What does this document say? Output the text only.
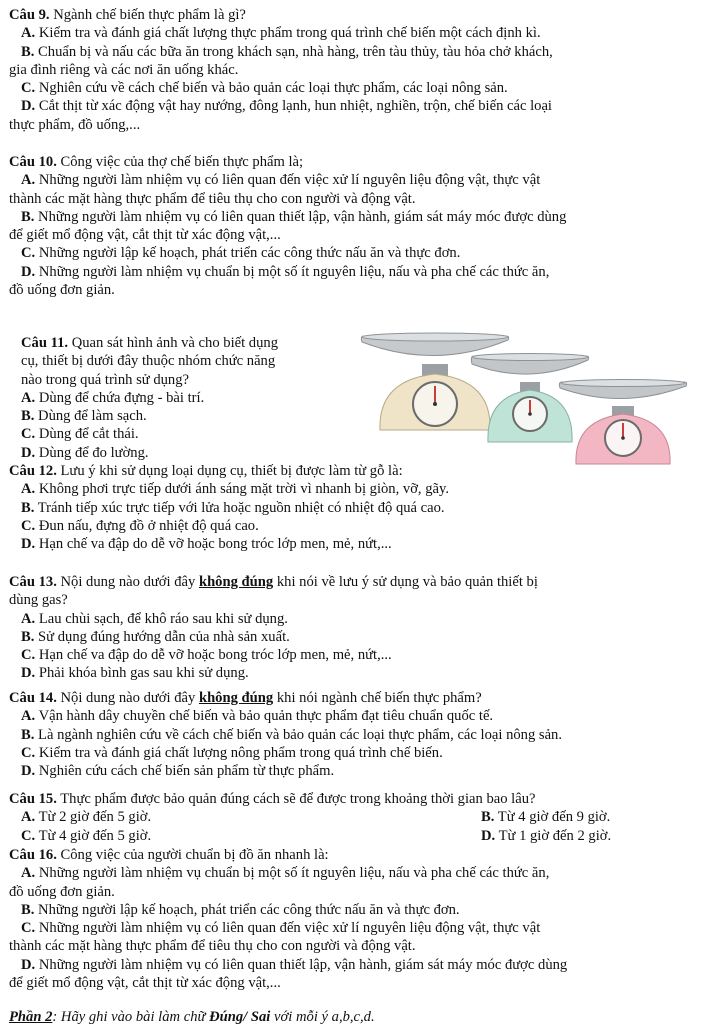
Câu 9. Ngành chế biến thực phẩm là gì?

A. Kiểm tra và đánh giá chất lượng thực phẩm trong quá trình chế biến một cách định kì.

B. Chuẩn bị và nấu các bữa ăn trong khách sạn, nhà hàng, trên tàu thủy, tàu hỏa chở khách,

gia đình riêng và các nơi ăn uống khác.

C. Nghiên cứu về cách chế biến và bảo quản các loại thực phẩm, các loại nông sản.

D. Cắt thịt từ xác động vật hay nướng, đông lạnh, hun nhiệt, nghiền, trộn, chế biến các loại

thực phẩm, đồ uống,...

Câu 10. Công việc của thợ chế biến thực phẩm là;

A. Những người làm nhiệm vụ có liên quan đến việc xử lí nguyên liệu động vật, thực vật

thành các mặt hàng thực phẩm để tiêu thụ cho con người và động vật.

B. Những người làm nhiệm vụ có liên quan thiết lập, vận hành, giám sát máy móc được dùng

để giết mổ động vật, cắt thịt từ xác động vật,...

C. Những người lập kế hoạch, phát triển các công thức nấu ăn và thực đơn.

D. Những người làm nhiệm vụ chuẩn bị một số ít nguyên liệu, nấu và pha chế các thức ăn,

đồ uống đơn giản.

Câu 11. Quan sát hình ảnh và cho biết dụng

cụ, thiết bị dưới đây thuộc nhóm chức năng

nào trong quá trình sử dụng?

A. Dùng để chứa đựng - bài trí.

B. Dùng để làm sạch.

C. Dùng để cắt thái.

D. Dùng để đo lường.

Câu 12. Lưu ý khi sử dụng loại dụng cụ, thiết bị được làm từ gỗ là:

A. Không phơi trực tiếp dưới ánh sáng mặt trời vì nhanh bị giòn, vỡ, gãy.

B. Tránh tiếp xúc trực tiếp với lửa hoặc nguồn nhiệt có nhiệt độ quá cao.

C. Đun nấu, đựng đồ ở nhiệt độ quá cao.

D. Hạn chế va đập do dễ vỡ hoặc bong tróc lớp men, mẻ, nứt,...

Câu 13. Nội dung nào dưới đây không đúng khi nói về lưu ý sử dụng và bảo quản thiết bị

dùng gas?

A. Lau chùi sạch, để khô ráo sau khi sử dụng.

B. Sử dụng đúng hướng dẫn của nhà sản xuất.

C. Hạn chế va đập do dễ vỡ hoặc bong tróc lớp men, mẻ, nứt,...

D. Phải khóa bình gas sau khi sử dụng.

Câu 14. Nội dung nào dưới đây không đúng khi nói ngành chế biến thực phẩm?

A. Vận hành dây chuyền chế biến và bảo quản thực phẩm đạt tiêu chuẩn quốc tế.

B. Là ngành nghiên cứu về cách chế biến và bảo quản các loại thực phẩm, các loại nông sản.

C. Kiểm tra và đánh giá chất lượng nông phẩm trong quá trình chế biến.

D. Nghiên cứu cách chế biến sản phẩm từ thực phẩm.

Câu 15. Thực phẩm được bảo quản đúng cách sẽ để được trong khoảng thời gian bao lâu?

A. Từ 2 giờ đến 5 giờ.	B. Từ 4 giờ đến 9 giờ.
C. Từ 4 giờ đến 5 giờ.	D. Từ 1 giờ đến 2 giờ.

Câu 16. Công việc của người chuẩn bị đồ ăn nhanh là:

A. Những người làm nhiệm vụ chuẩn bị một số ít nguyên liệu, nấu và pha chế các thức ăn,

đồ uống đơn giản.

B. Những người lập kế hoạch, phát triển các công thức nấu ăn và thực đơn.

C. Những người làm nhiệm vụ có liên quan đến việc xử lí nguyên liệu động vật, thực vật

thành các mặt hàng thực phẩm để tiêu thụ cho con người và động vật.

D. Những người làm nhiệm vụ có liên quan thiết lập, vận hành, giám sát máy móc được dùng

để giết mổ động vật, cắt thịt từ xác động vật,...

Phần 2: Hãy ghi vào bài làm chữ Đúng/ Sai với mỗi ý a,b,c,d.
